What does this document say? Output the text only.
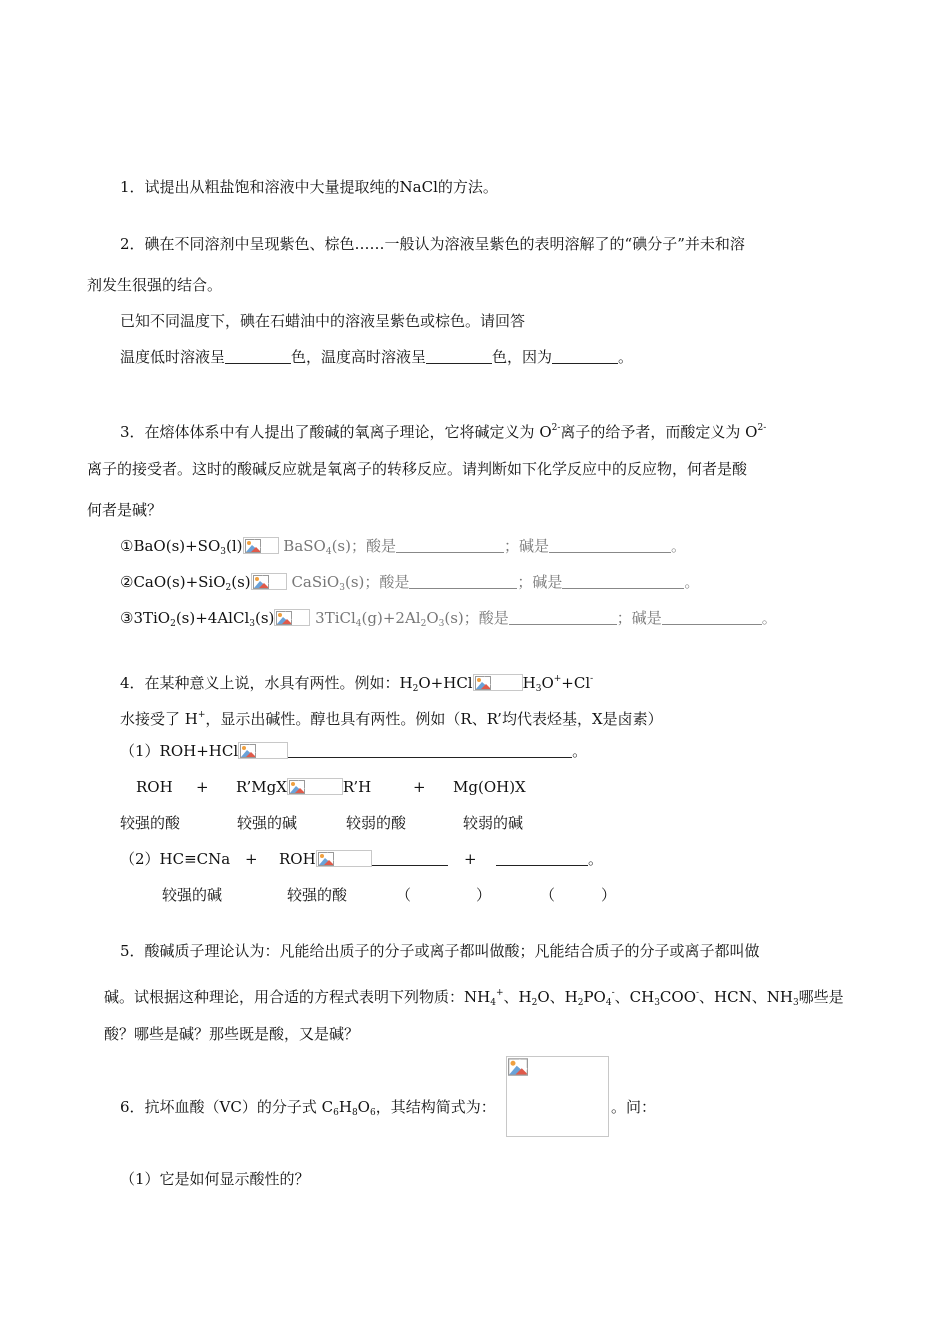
1．试提出从粗盐饱和溶液中大量提取纯的NaCl的方法。
2．碘在不同溶剂中呈现紫色、棕色……一般认为溶液呈紫色的表明溶解了的“碘分子”并未和溶
剂发生很强的结合。
已知不同温度下，碘在石蜡油中的溶液呈紫色或棕色。请回答
温度低时溶液呈	色，温度高时溶液呈	色，因为	。
3．在熔体体系中有人提出了酸碱的氧离子理论，它将碱定义为 $O^{2-}$离子的给予者，而酸定义为 $O^{2-}$
离子的接受者。这时的酸碱反应就是氧离子的转移反应。请判断如下化学反应中的反应物，何者是酸
何者是碱？
$①BaO(s)+SO_3(l)$	BaSO$_4$(s)；酸是	；碱是	。
②CaO(s)+SiO$_2$(s)	CaSiO$_3$(s)；酸是	；碱是	。
③3TiO$_2$(s)+4AlCl$_3$(s)	$3TiCl_4(g)+2Al_2O_3(s)$；酸是	；碱是	。
4．在某种意义上说，水具有两性。例如：$H_2O+HCl$	$H_3O^++Cl^-$
水接受了 H+，显示出碱性。醇也具有两性。例如（R、R’均代表烃基，X是卤素）
（1）ROH+HCl	。
ROH + R’MgX	R’H	+ Mg(OH)X
较强的酸	较强的碱	较弱的酸	较弱的碱
（2）HC≡CNa + ROH	+	。
较强的碱	较强的酸	（	）	（	）
5．酸碱质子理论认为：凡能给出质子的分子或离子都叫做酸；凡能结合质子的分子或离子都叫做
碱。试根据这种理论，用合适的方程式表明下列物质：$NH_4^+$、$H_2O$、$H_2PO_4^-$、$CH_3COO^-$、HCN、$NH_3$哪些是
酸？哪些是碱？那些既是酸，又是碱？
6．抗坏血酸（VC）的分子式 $C_6H_8O_6$，其结构简式为：	。问：
（1）它是如何显示酸性的？
